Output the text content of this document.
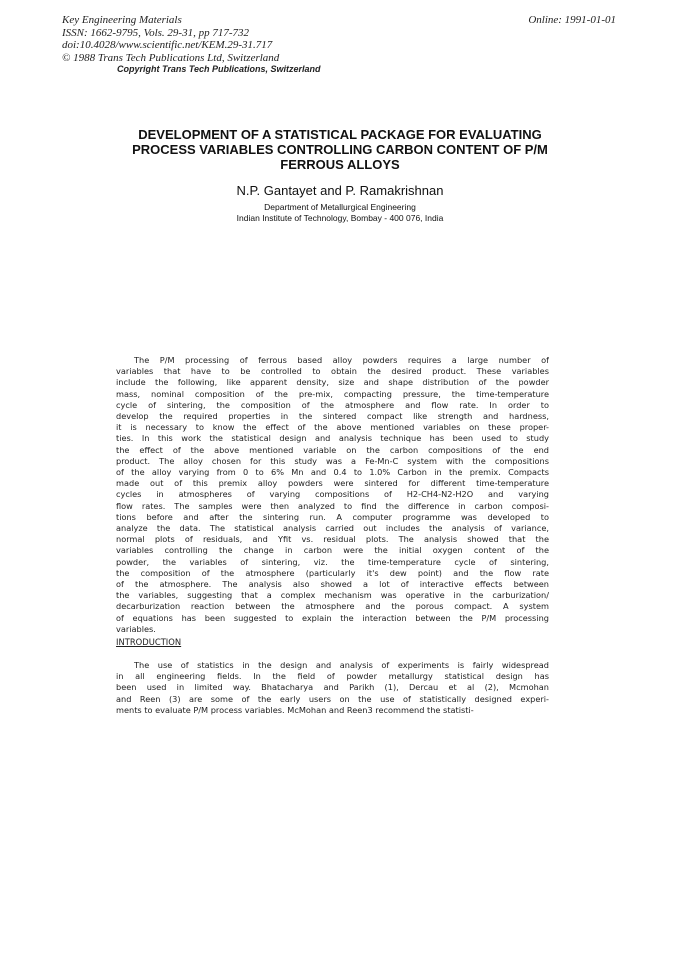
Key Engineering Materials
ISSN: 1662-9795, Vols. 29-31, pp 717-732
doi:10.4028/www.scientific.net/KEM.29-31.717
© 1988 Trans Tech Publications Ltd, Switzerland
Online: 1991-01-01
Copyright Trans Tech Publications, Switzerland
DEVELOPMENT OF A STATISTICAL PACKAGE FOR EVALUATING
PROCESS VARIABLES CONTROLLING CARBON CONTENT OF P/M
FERROUS ALLOYS
N.P. Gantayet and P. Ramakrishnan
Department of Metallurgical Engineering
Indian Institute of Technology, Bombay - 400 076, India
The P/M processing of ferrous based alloy powders requires a large number of
variables that have to be controlled to obtain the desired product. These variables
include the following, like apparent density, size and shape distribution of the powder
mass, nominal composition of the pre-mix, compacting pressure, the time-temperature
cycle of sintering, the composition of the atmosphere and flow rate. In order to
develop the required properties in the sintered compact like strength and hardness,
it is necessary to know the effect of the above mentioned variables on these proper-
ties. In this work the statistical design and analysis technique has been used to study
the effect of the above mentioned variable on the carbon compositions of the end
product. The alloy chosen for this study was a Fe-Mn-C system with the compositions
of the alloy varying from 0 to 6% Mn and 0.4 to 1.0% Carbon in the premix. Compacts
made out of this premix alloy powders were sintered for different time-temperature
cycles in atmospheres of varying compositions of H2-CH4-N2-H2O and varying
flow rates. The samples were then analyzed to find the difference in carbon composi-
tions before and after the sintering run. A computer programme was developed to
analyze the data. The statistical analysis carried out includes the analysis of variance,
normal plots of residuals, and Yfit vs. residual plots. The analysis showed that the
variables controlling the change in carbon were the initial oxygen content of the
powder, the variables of sintering, viz. the time-temperature cycle of sintering,
the composition of the atmosphere (particularly it's dew point) and the flow rate
of the atmosphere. The analysis also showed a lot of interactive effects between
the variables, suggesting that a complex mechanism was operative in the carburization/
decarburization reaction between the atmosphere and the porous compact. A system
of equations has been suggested to explain the interaction between the P/M processing
variables.
INTRODUCTION
The use of statistics in the design and analysis of experiments is fairly widespread
in all engineering fields. In the field of powder metallurgy statistical design has
been used in limited way. Bhatacharya and Parikh (1), Dercau et al (2), Mcmohan
and Reen (3) are some of the early users on the use of statistically designed experi-
ments to evaluate P/M process variables. McMohan and Reen3 recommend the statisti-
